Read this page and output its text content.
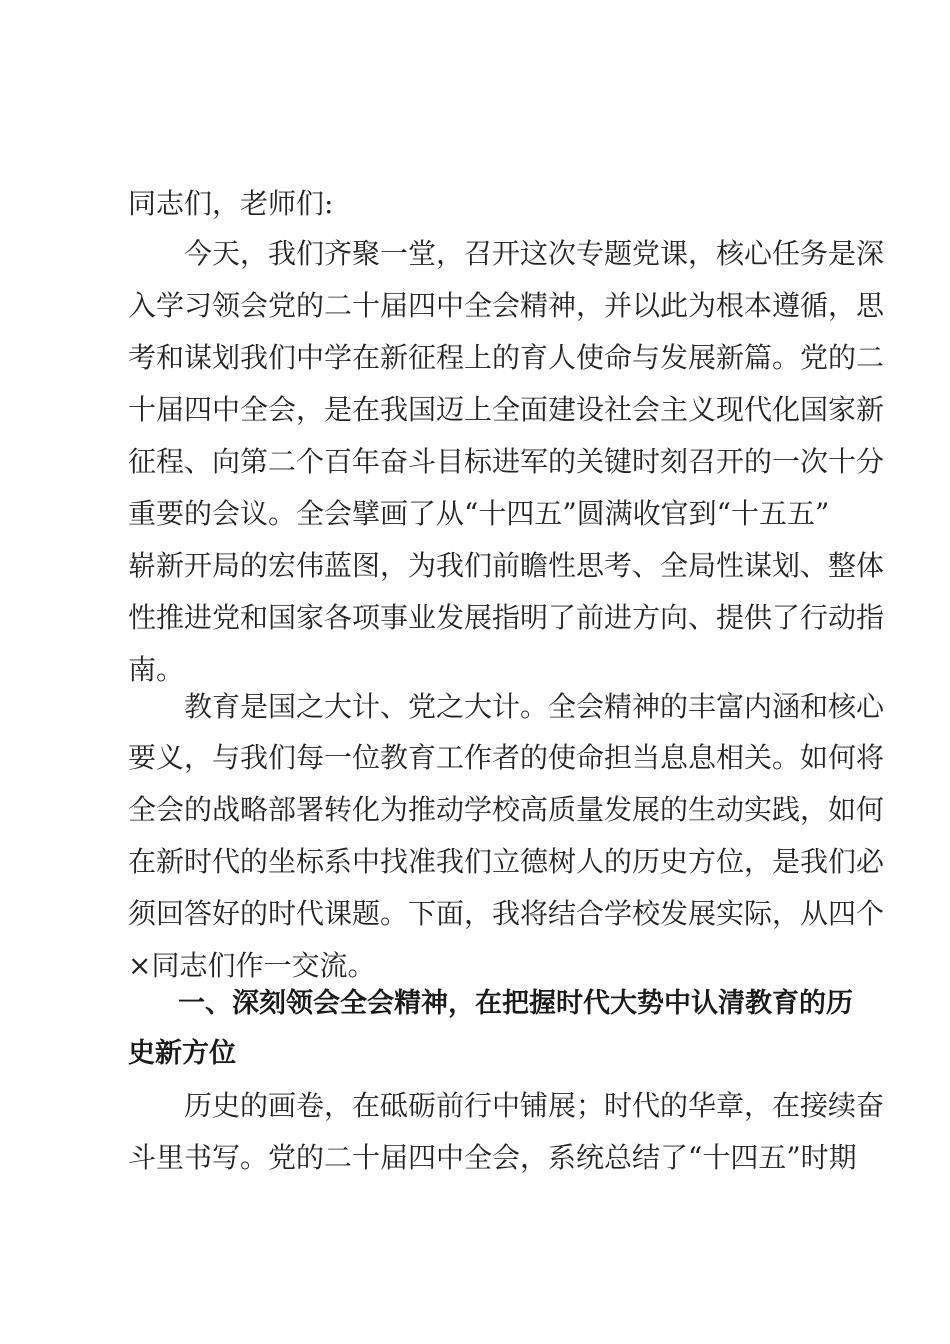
同志们，老师们:
今天，我们齐聚一堂，召开这次专题党课，核心任务是深
入学习领会党的二十届四中全会精神，并以此为根本遵循，思
考和谋划我们中学在新征程上的育人使命与发展新篇。党的二
十届四中全会，是在我国迈上全面建设社会主义现代化国家新
征程、向第二个百年奋斗目标进军的关键时刻召开的一次十分
重要的会议。全会擘画了从“十四五”圆满收官到“十五五”
崭新开局的宏伟蓝图，为我们前瞻性思考、全局性谋划、整体
性推进党和国家各项事业发展指明了前进方向、提供了行动指
南。
教育是国之大计、党之大计。全会精神的丰富内涵和核心
要义，与我们每一位教育工作者的使命担当息息相关。如何将
全会的战略部署转化为推动学校高质量发展的生动实践，如何
在新时代的坐标系中找准我们立德树人的历史方位，是我们必
须回答好的时代课题。下面，我将结合学校发展实际，从四个
×同志们作一交流。
一、深刻领会全会精神，在把握时代大势中认清教育的历
史新方位
历史的画卷，在砥砺前行中铺展；时代的华章，在接续奋
斗里书写。党的二十届四中全会，系统总结了“十四五”时期
